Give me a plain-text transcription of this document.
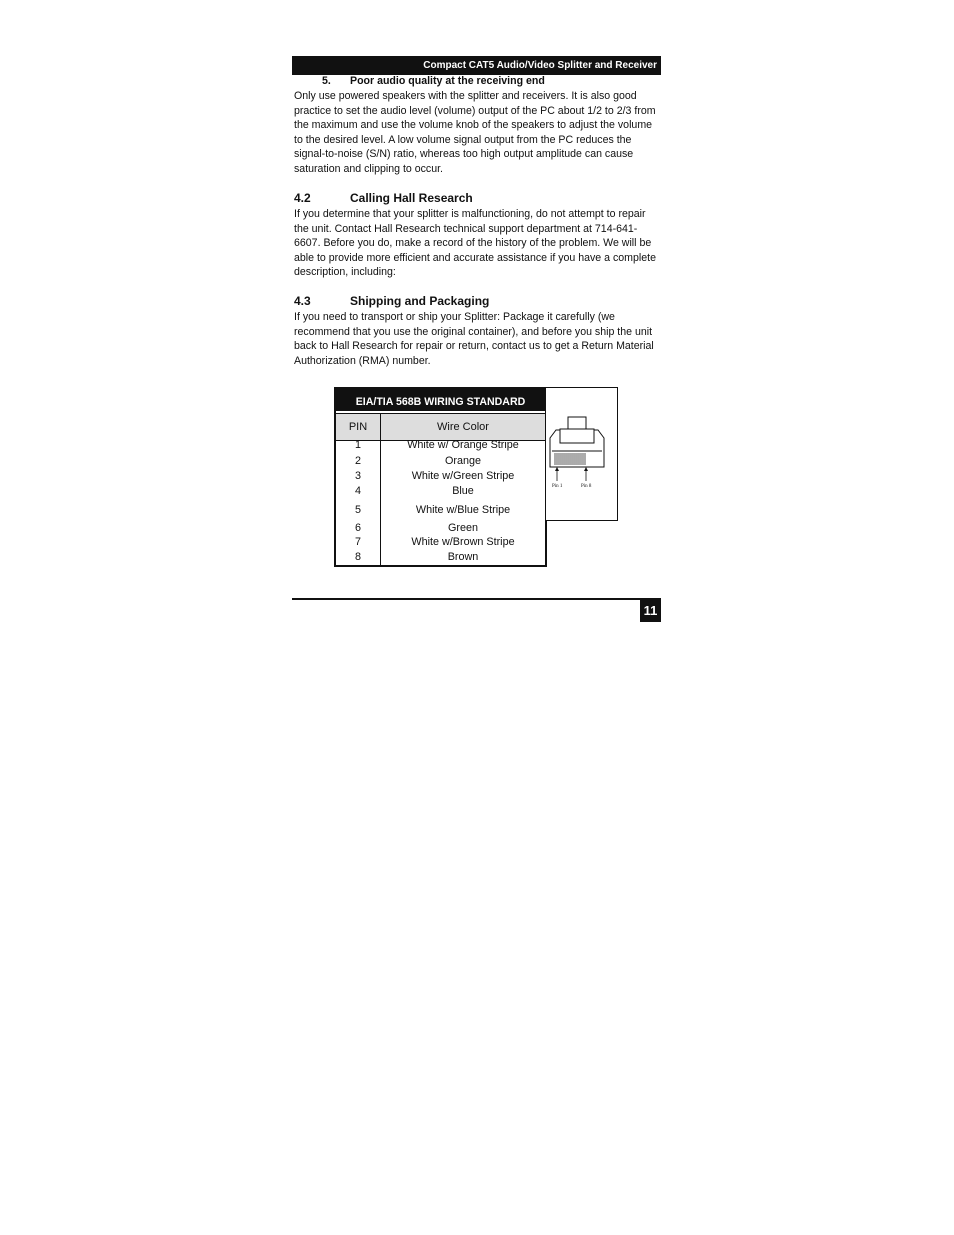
Compact CAT5 Audio/Video Splitter and Receiver
5. Poor audio quality at the receiving end

Only use powered speakers with the splitter and receivers. It is also good practice to set the audio level (volume) output of the PC about 1/2 to 2/3 from the maximum and use the volume knob of the speakers to adjust the volume to the desired level. A low volume signal output from the PC reduces the signal-to-noise (S/N) ratio, whereas too high output amplitude can cause saturation and clipping to occur.

4.2	Calling Hall Research

If you determine that your splitter is malfunctioning, do not attempt to repair the unit. Contact Hall Research technical support department at 714-641-6607. Before you do, make a record of the history of the problem. We will be able to provide more efficient and accurate assistance if you have a complete description, including:

4.3	Shipping and Packaging

If you need to transport or ship your Splitter: Package it carefully (we recommend that you use the original container), and before you ship the unit back to Hall Research for repair or return, contact us to get a Return Material Authorization (RMA) number.

EIA/TIA 568B WIRING STANDARD
PIN	Wire Color
1	White w/ Orange Stripe
2	Orange
3	White w/Green Stripe
4	Blue
5	White w/Blue Stripe
6	Green
7	White w/Brown Stripe
8	Brown
Pin 1	Pin 8
11
